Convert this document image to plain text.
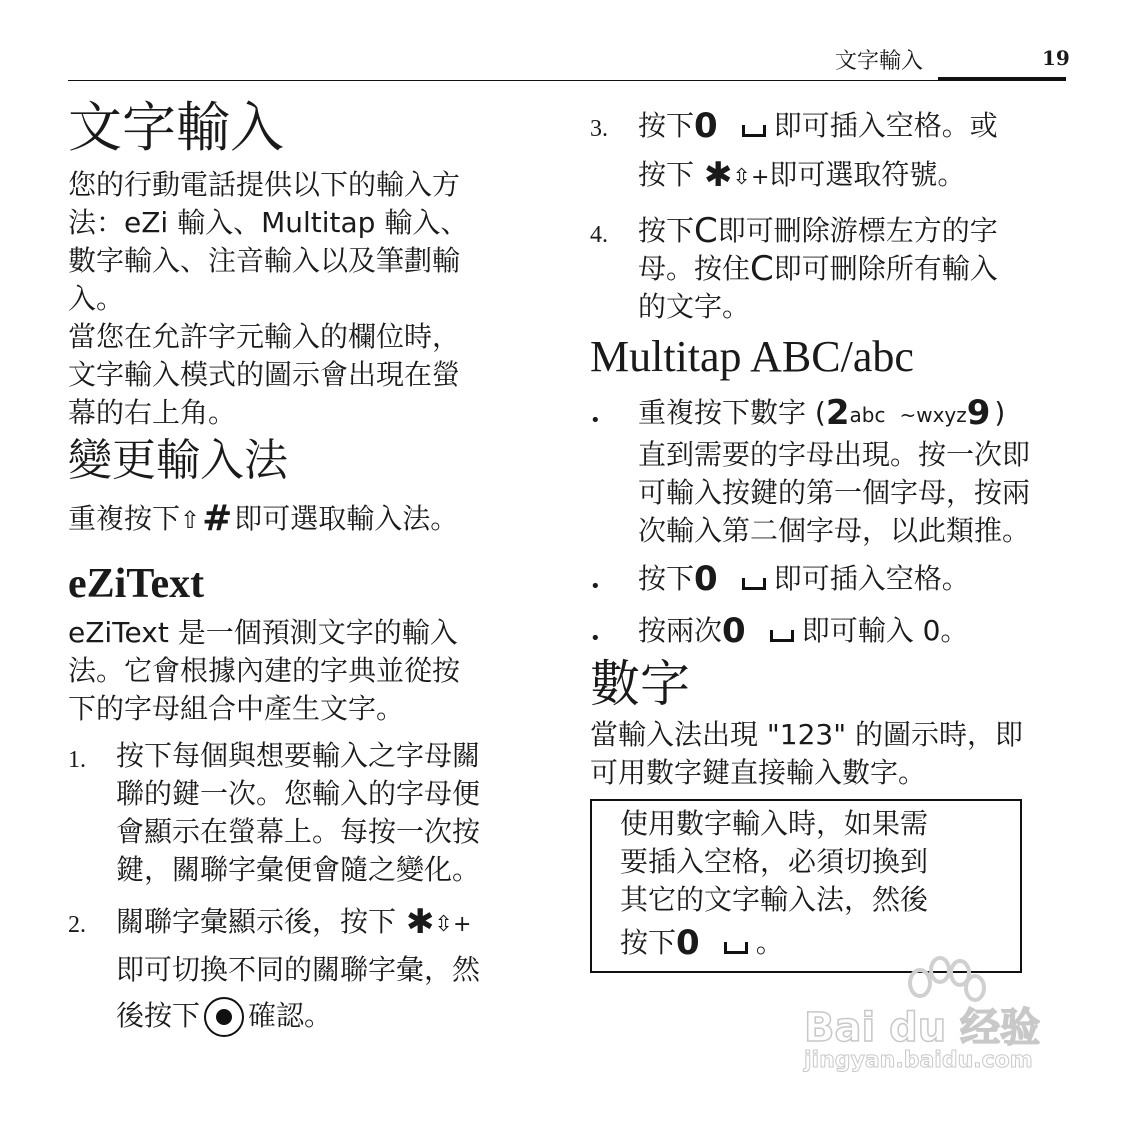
文字輸入	19
文字輸入

您的行動電話提供以下的輸入方

法：eZi 輸入、Multitap 輸入、

數字輸入、注音輸入以及筆劃輸

入。

當您在允許字元輸入的欄位時，

文字輸入模式的圖示會出現在螢

幕的右上角。

變更輸入法
重複按下⇧#即可選取輸入法。
eZiText

eZiText 是一個預測文字的輸入

法。它會根據內建的字典並從按

下的字母組合中產生文字。

1. 按下每個與想要輸入之字母關

聯的鍵一次。您輸入的字母便

會顯示在螢幕上。每按一次按

鍵，關聯字彙便會隨之變化。

2. 關聯字彙顯示後，按下 ✱⇳+

即可切換不同的關聯字彙，然

後按下 確認。

3. 按下0 即可插入空格。或

按下 ✱⇳+即可選取符號。

4. 按下C即可刪除游標左方的字

母。按住C即可刪除所有輸入

的文字。

Multitap ABC/abc
• 重複按下數字 (2abc ~wxyz9 )

直到需要的字母出現。按一次即

可輸入按鍵的第一個字母，按兩

次輸入第二個字母，以此類推。

• 按下0 即可插入空格。

• 按兩次0 即可輸入 0。

數字

當輸入法出現 "123" 的圖示時，即

可用數字鍵直接輸入數字。

使用數字輸入時，如果需

要插入空格，必須切換到

其它的文字輸入法，然後

按下0 。

Bai du 经验
jingyan.baidu.com
